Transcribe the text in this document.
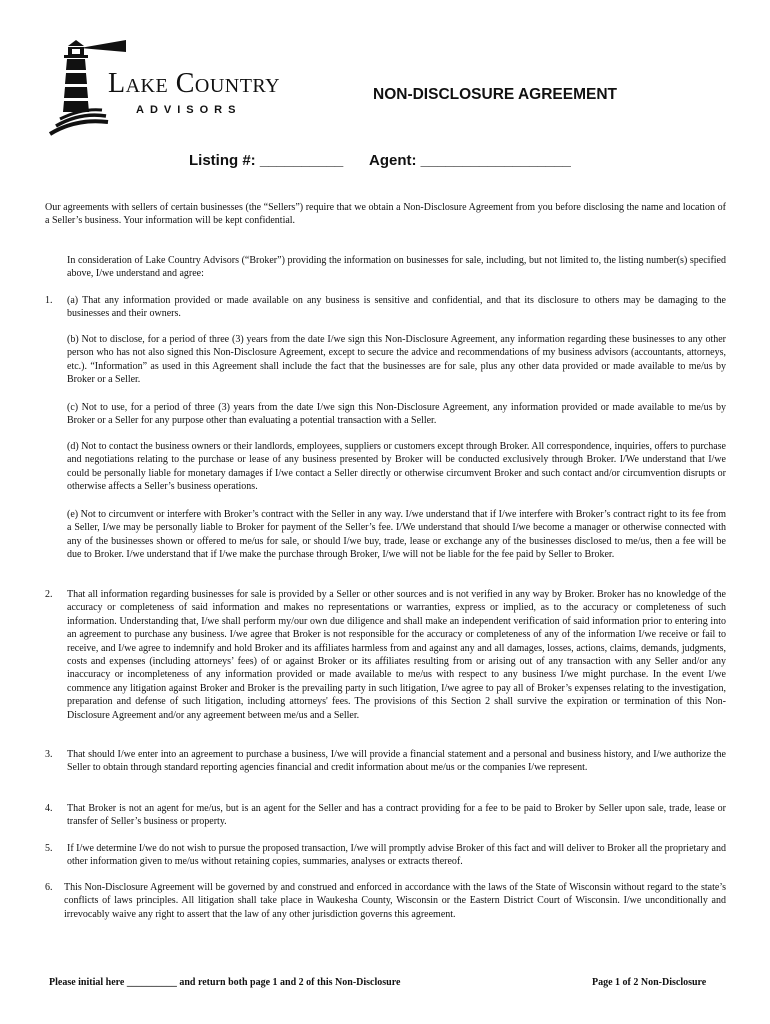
Lake Country
ADVISORS
NON-DISCLOSURE AGREEMENT
Listing #: __________ Agent: __________________
Our agreements with sellers of certain businesses (the “Sellers”) require that we obtain a Non-Disclosure Agreement from you before disclosing the name and location of a Seller’s business. Your information will be kept confidential.
In consideration of Lake Country Advisors (“Broker”) providing the information on businesses for sale, including, but not limited to, the listing number(s) specified above, I/we understand and agree:
1. (a) That any information provided or made available on any business is sensitive and confidential, and that its disclosure to others may be damaging to the businesses and their owners.
(b) Not to disclose, for a period of three (3) years from the date I/we sign this Non-Disclosure Agreement, any information regarding these businesses to any other person who has not also signed this Non-Disclosure Agreement, except to secure the advice and recommendations of my business advisors (accountants, attorneys, etc.). “Information” as used in this Agreement shall include the fact that the businesses are for sale, plus any other data provided or made available to me/us by Broker or a Seller.
(c) Not to use, for a period of three (3) years from the date I/we sign this Non-Disclosure Agreement, any information provided or made available to me/us by Broker or a Seller for any purpose other than evaluating a potential transaction with a Seller.
(d) Not to contact the business owners or their landlords, employees, suppliers or customers except through Broker. All correspondence, inquiries, offers to purchase and negotiations relating to the purchase or lease of any business presented by Broker will be conducted exclusively through Broker. I/We understand that I/we could be personally liable for monetary damages if I/we contact a Seller directly or otherwise circumvent Broker and such contact and/or circumvention disrupts or otherwise affects a Seller’s business operations.
(e) Not to circumvent or interfere with Broker’s contract with the Seller in any way. I/we understand that if I/we interfere with Broker’s contract right to its fee from a Seller, I/we may be personally liable to Broker for payment of the Seller’s fee. I/We understand that should I/we become a manager or otherwise connected with any of the businesses shown or offered to me/us for sale, or should I/we buy, trade, lease or exchange any of the businesses disclosed to me/us, then a fee will be due to Broker. I/we understand that if I/we make the purchase through Broker, I/we will not be liable for the fee paid by Seller to Broker.
2. That all information regarding businesses for sale is provided by a Seller or other sources and is not verified in any way by Broker. Broker has no knowledge of the accuracy or completeness of said information and makes no representations or warranties, express or implied, as to the accuracy or completeness of such information. Understanding that, I/we shall perform my/our own due diligence and shall make an independent verification of said information prior to entering into an agreement to purchase any business. I/we agree that Broker is not responsible for the accuracy or completeness of any of the information I/we receive or fail to receive, and I/we agree to indemnify and hold Broker and its affiliates harmless from and against any and all damages, losses, actions, claims, demands, judgments, costs and expenses (including attorneys’ fees) of or against Broker or its affiliates resulting from or arising out of any transaction with any Seller and/or any inaccuracy or incompleteness of any information provided or made available to me/us with respect to any business I/we might purchase. In the event I/we commence any litigation against Broker and Broker is the prevailing party in such litigation, I/we agree to pay all of Broker’s expenses relating to the investigation, preparation and defense of such litigation, including attorneys' fees. The provisions of this Section 2 shall survive the expiration or termination of this Non-Disclosure Agreement and/or any agreement between me/us and a Seller.
3. That should I/we enter into an agreement to purchase a business, I/we will provide a financial statement and a personal and business history, and I/we authorize the Seller to obtain through standard reporting agencies financial and credit information about me/us or the companies I/we represent.
4. That Broker is not an agent for me/us, but is an agent for the Seller and has a contract providing for a fee to be paid to Broker by Seller upon sale, trade, lease or transfer of Seller’s business or property.
5. If I/we determine I/we do not wish to pursue the proposed transaction, I/we will promptly advise Broker of this fact and will deliver to Broker all the proprietary and other information given to me/us without retaining copies, summaries, analyses or extracts thereof.
6. This Non-Disclosure Agreement will be governed by and construed and enforced in accordance with the laws of the State of Wisconsin without regard to the state’s conflicts of laws principles. All litigation shall take place in Waukesha County, Wisconsin or the Eastern District Court of Wisconsin. I/we unconditionally and irrevocably waive any right to assert that the law of any other jurisdiction governs this agreement.
Please initial here __________ and return both page 1 and 2 of this Non-Disclosure	Page 1 of 2 Non-Disclosure
